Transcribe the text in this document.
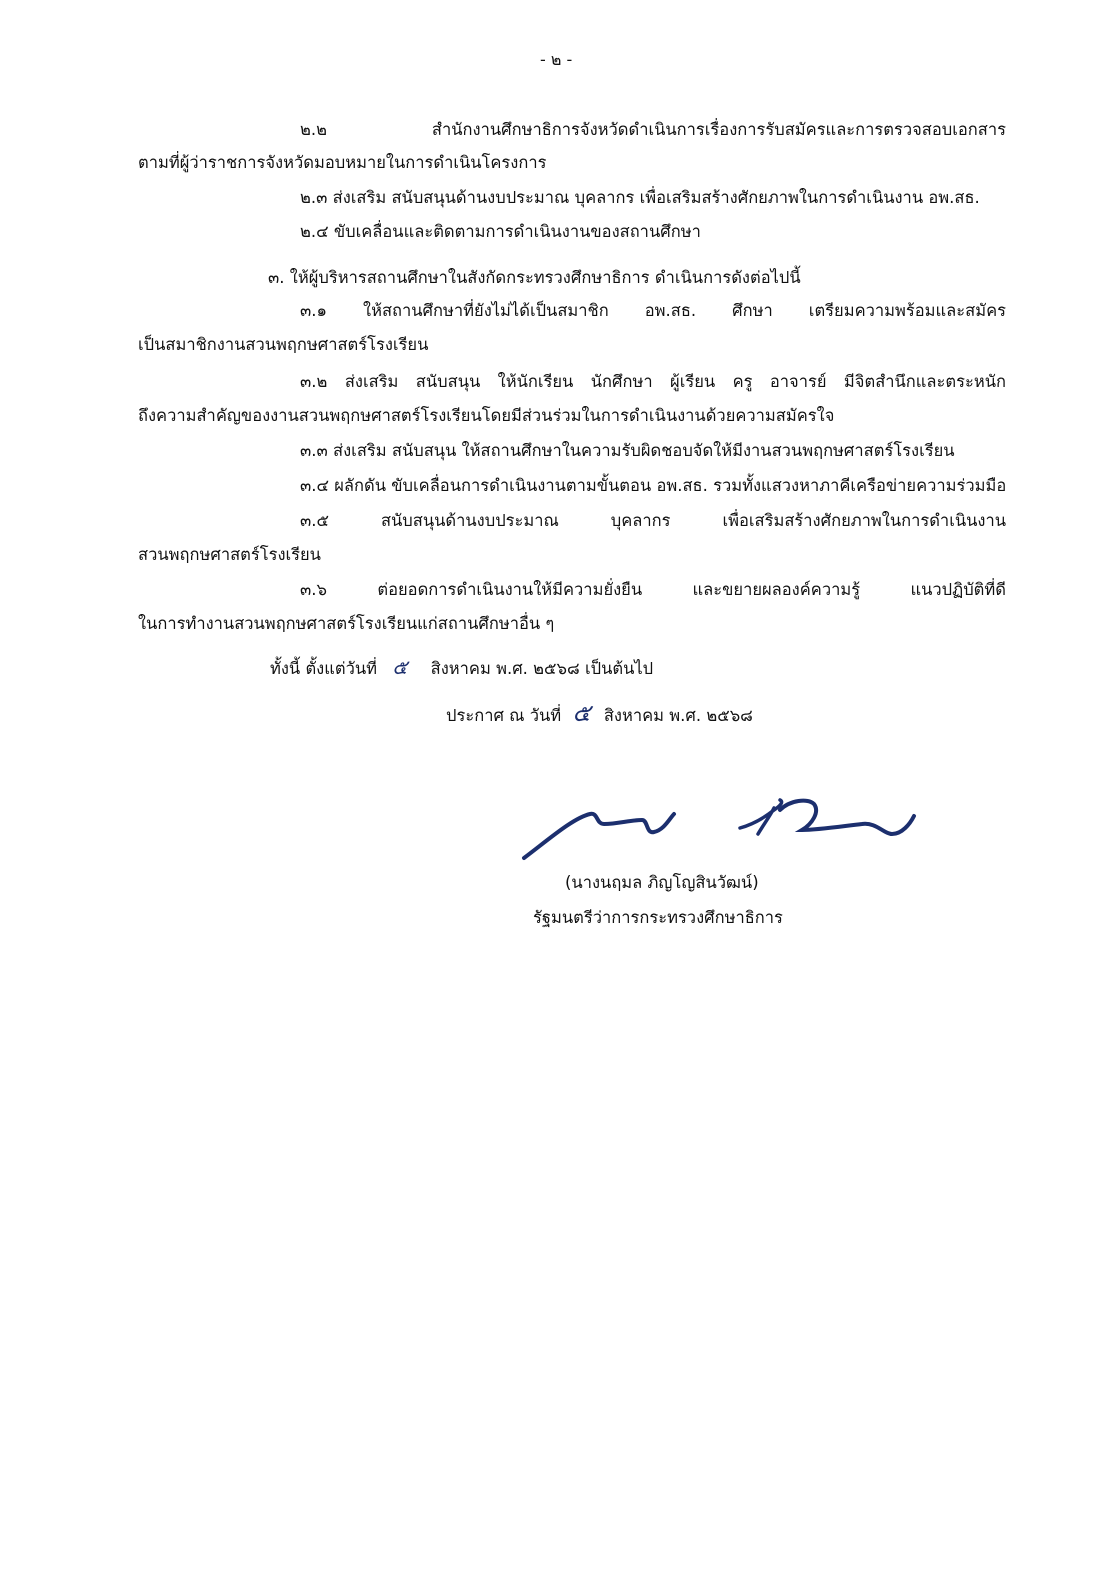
- ๒ -
๒.๒ สำนักงานศึกษาธิการจังหวัดดำเนินการเรื่องการรับสมัครและการตรวจสอบเอกสาร
ตามที่ผู้ว่าราชการจังหวัดมอบหมายในการดำเนินโครงการ
๒.๓ ส่งเสริม สนับสนุนด้านงบประมาณ บุคลากร เพื่อเสริมสร้างศักยภาพในการดำเนินงาน อพ.สธ.
๒.๔ ขับเคลื่อนและติดตามการดำเนินงานของสถานศึกษา
๓. ให้ผู้บริหารสถานศึกษาในสังกัดกระทรวงศึกษาธิการ ดำเนินการดังต่อไปนี้
๓.๑ ให้สถานศึกษาที่ยังไม่ได้เป็นสมาชิก อพ.สธ. ศึกษา เตรียมความพร้อมและสมัคร
เป็นสมาชิกงานสวนพฤกษศาสตร์โรงเรียน
๓.๒ ส่งเสริม สนับสนุน ให้นักเรียน นักศึกษา ผู้เรียน ครู อาจารย์ มีจิตสำนึกและตระหนัก
ถึงความสำคัญของงานสวนพฤกษศาสตร์โรงเรียนโดยมีส่วนร่วมในการดำเนินงานด้วยความสมัครใจ
๓.๓ ส่งเสริม สนับสนุน ให้สถานศึกษาในความรับผิดชอบจัดให้มีงานสวนพฤกษศาสตร์โรงเรียน
๓.๔ ผลักดัน ขับเคลื่อนการดำเนินงานตามขั้นตอน อพ.สธ. รวมทั้งแสวงหาภาคีเครือข่ายความร่วมมือ
๓.๕ สนับสนุนด้านงบประมาณ บุคลากร เพื่อเสริมสร้างศักยภาพในการดำเนินงาน
สวนพฤกษศาสตร์โรงเรียน
๓.๖ ต่อยอดการดำเนินงานให้มีความยั่งยืน และขยายผลองค์ความรู้ แนวปฏิบัติที่ดี
ในการทำงานสวนพฤกษศาสตร์โรงเรียนแก่สถานศึกษาอื่น ๆ
ทั้งนี้ ตั้งแต่วันที่ ๕ สิงหาคม พ.ศ. ๒๕๖๘ เป็นต้นไป
ประกาศ ณ วันที่ ๕ สิงหาคม พ.ศ. ๒๕๖๘
(นางนฤมล ภิญโญสินวัฒน์)
รัฐมนตรีว่าการกระทรวงศึกษาธิการ
